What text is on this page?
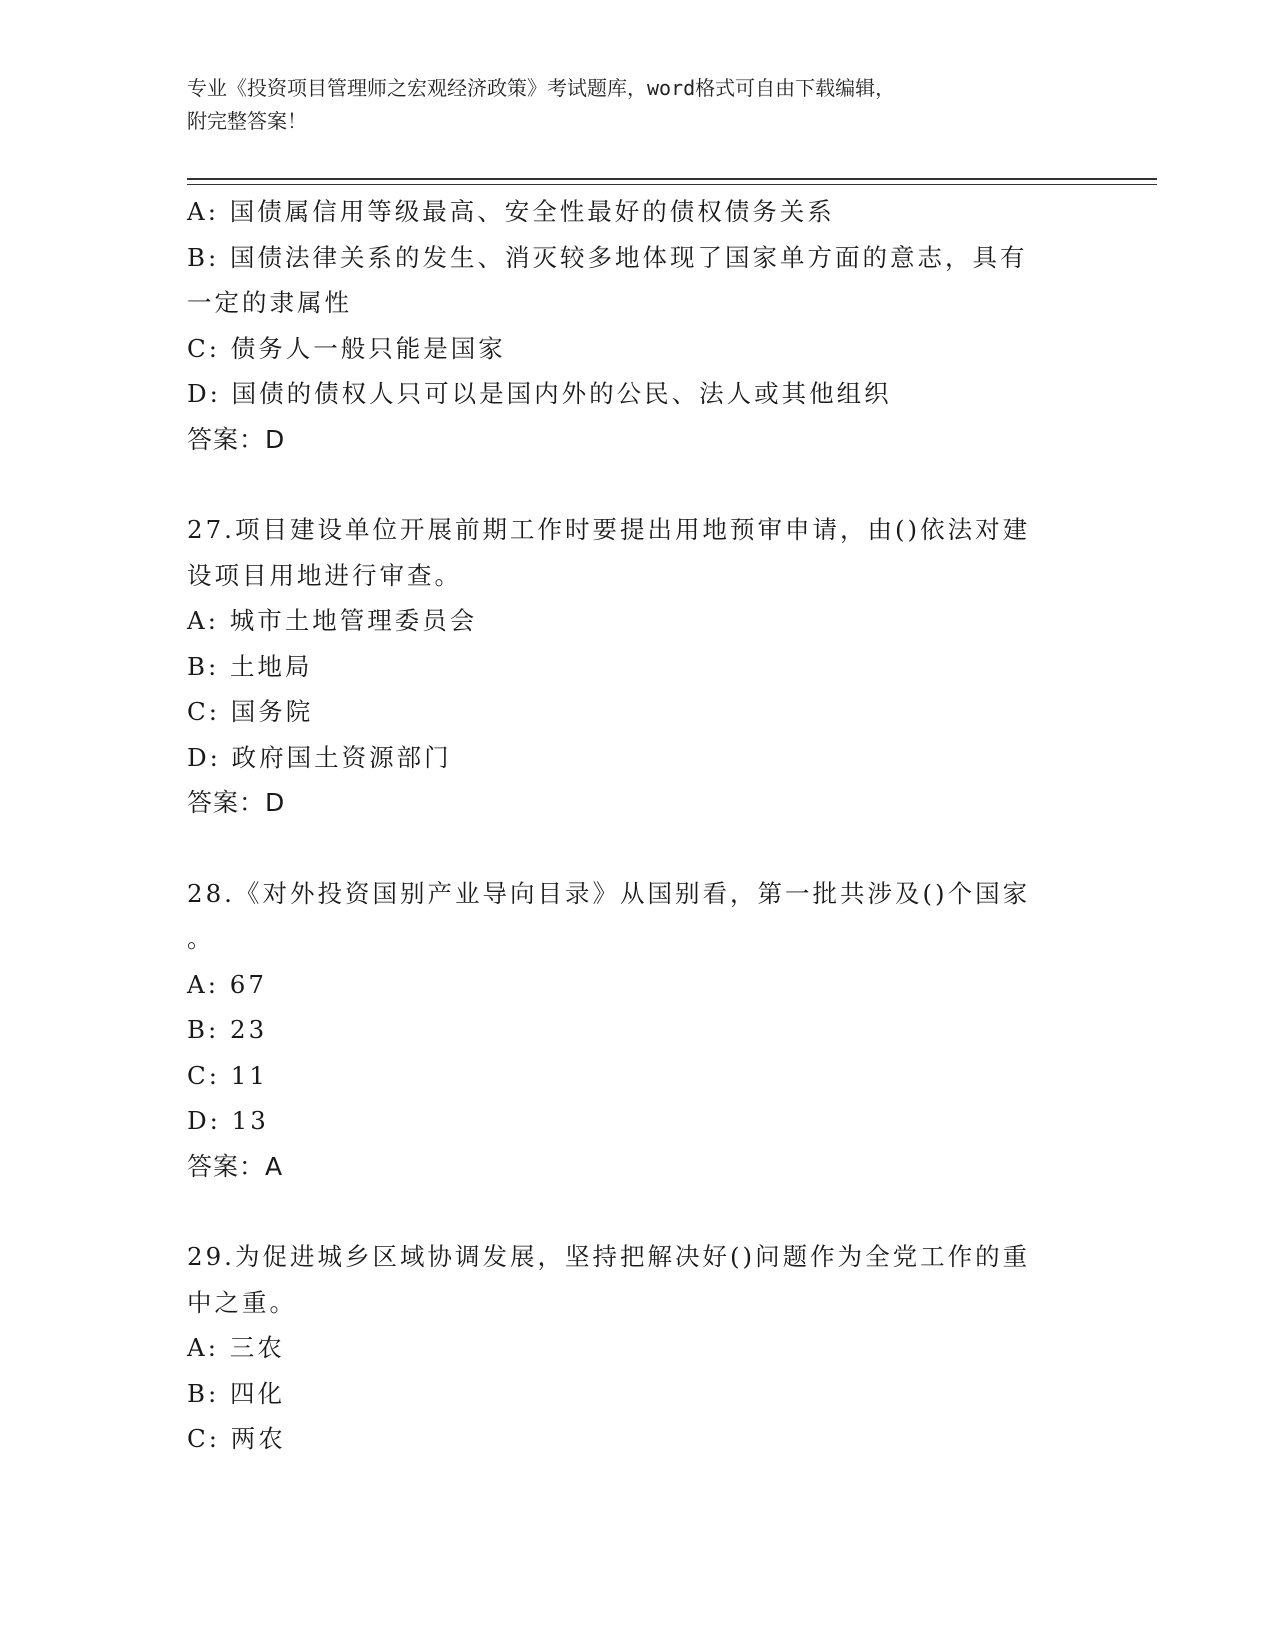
专业《投资项目管理师之宏观经济政策》考试题库，word格式可自由下载编辑，
附完整答案！
A: 国债属信用等级最高、安全性最好的债权债务关系
B: 国债法律关系的发生、消灭较多地体现了国家单方面的意志，具有
一定的隶属性
C: 债务人一般只能是国家
D: 国债的债权人只可以是国内外的公民、法人或其他组织
答案：D
27.项目建设单位开展前期工作时要提出用地预审申请，由()依法对建
设项目用地进行审查。
A: 城市土地管理委员会
B: 土地局
C: 国务院
D: 政府国土资源部门
答案：D
28.《对外投资国别产业导向目录》从国别看，第一批共涉及()个国家
。
A: 67
B: 23
C: 11
D: 13
答案：A
29.为促进城乡区域协调发展，坚持把解决好()问题作为全党工作的重
中之重。
A: 三农
B: 四化
C: 两农
